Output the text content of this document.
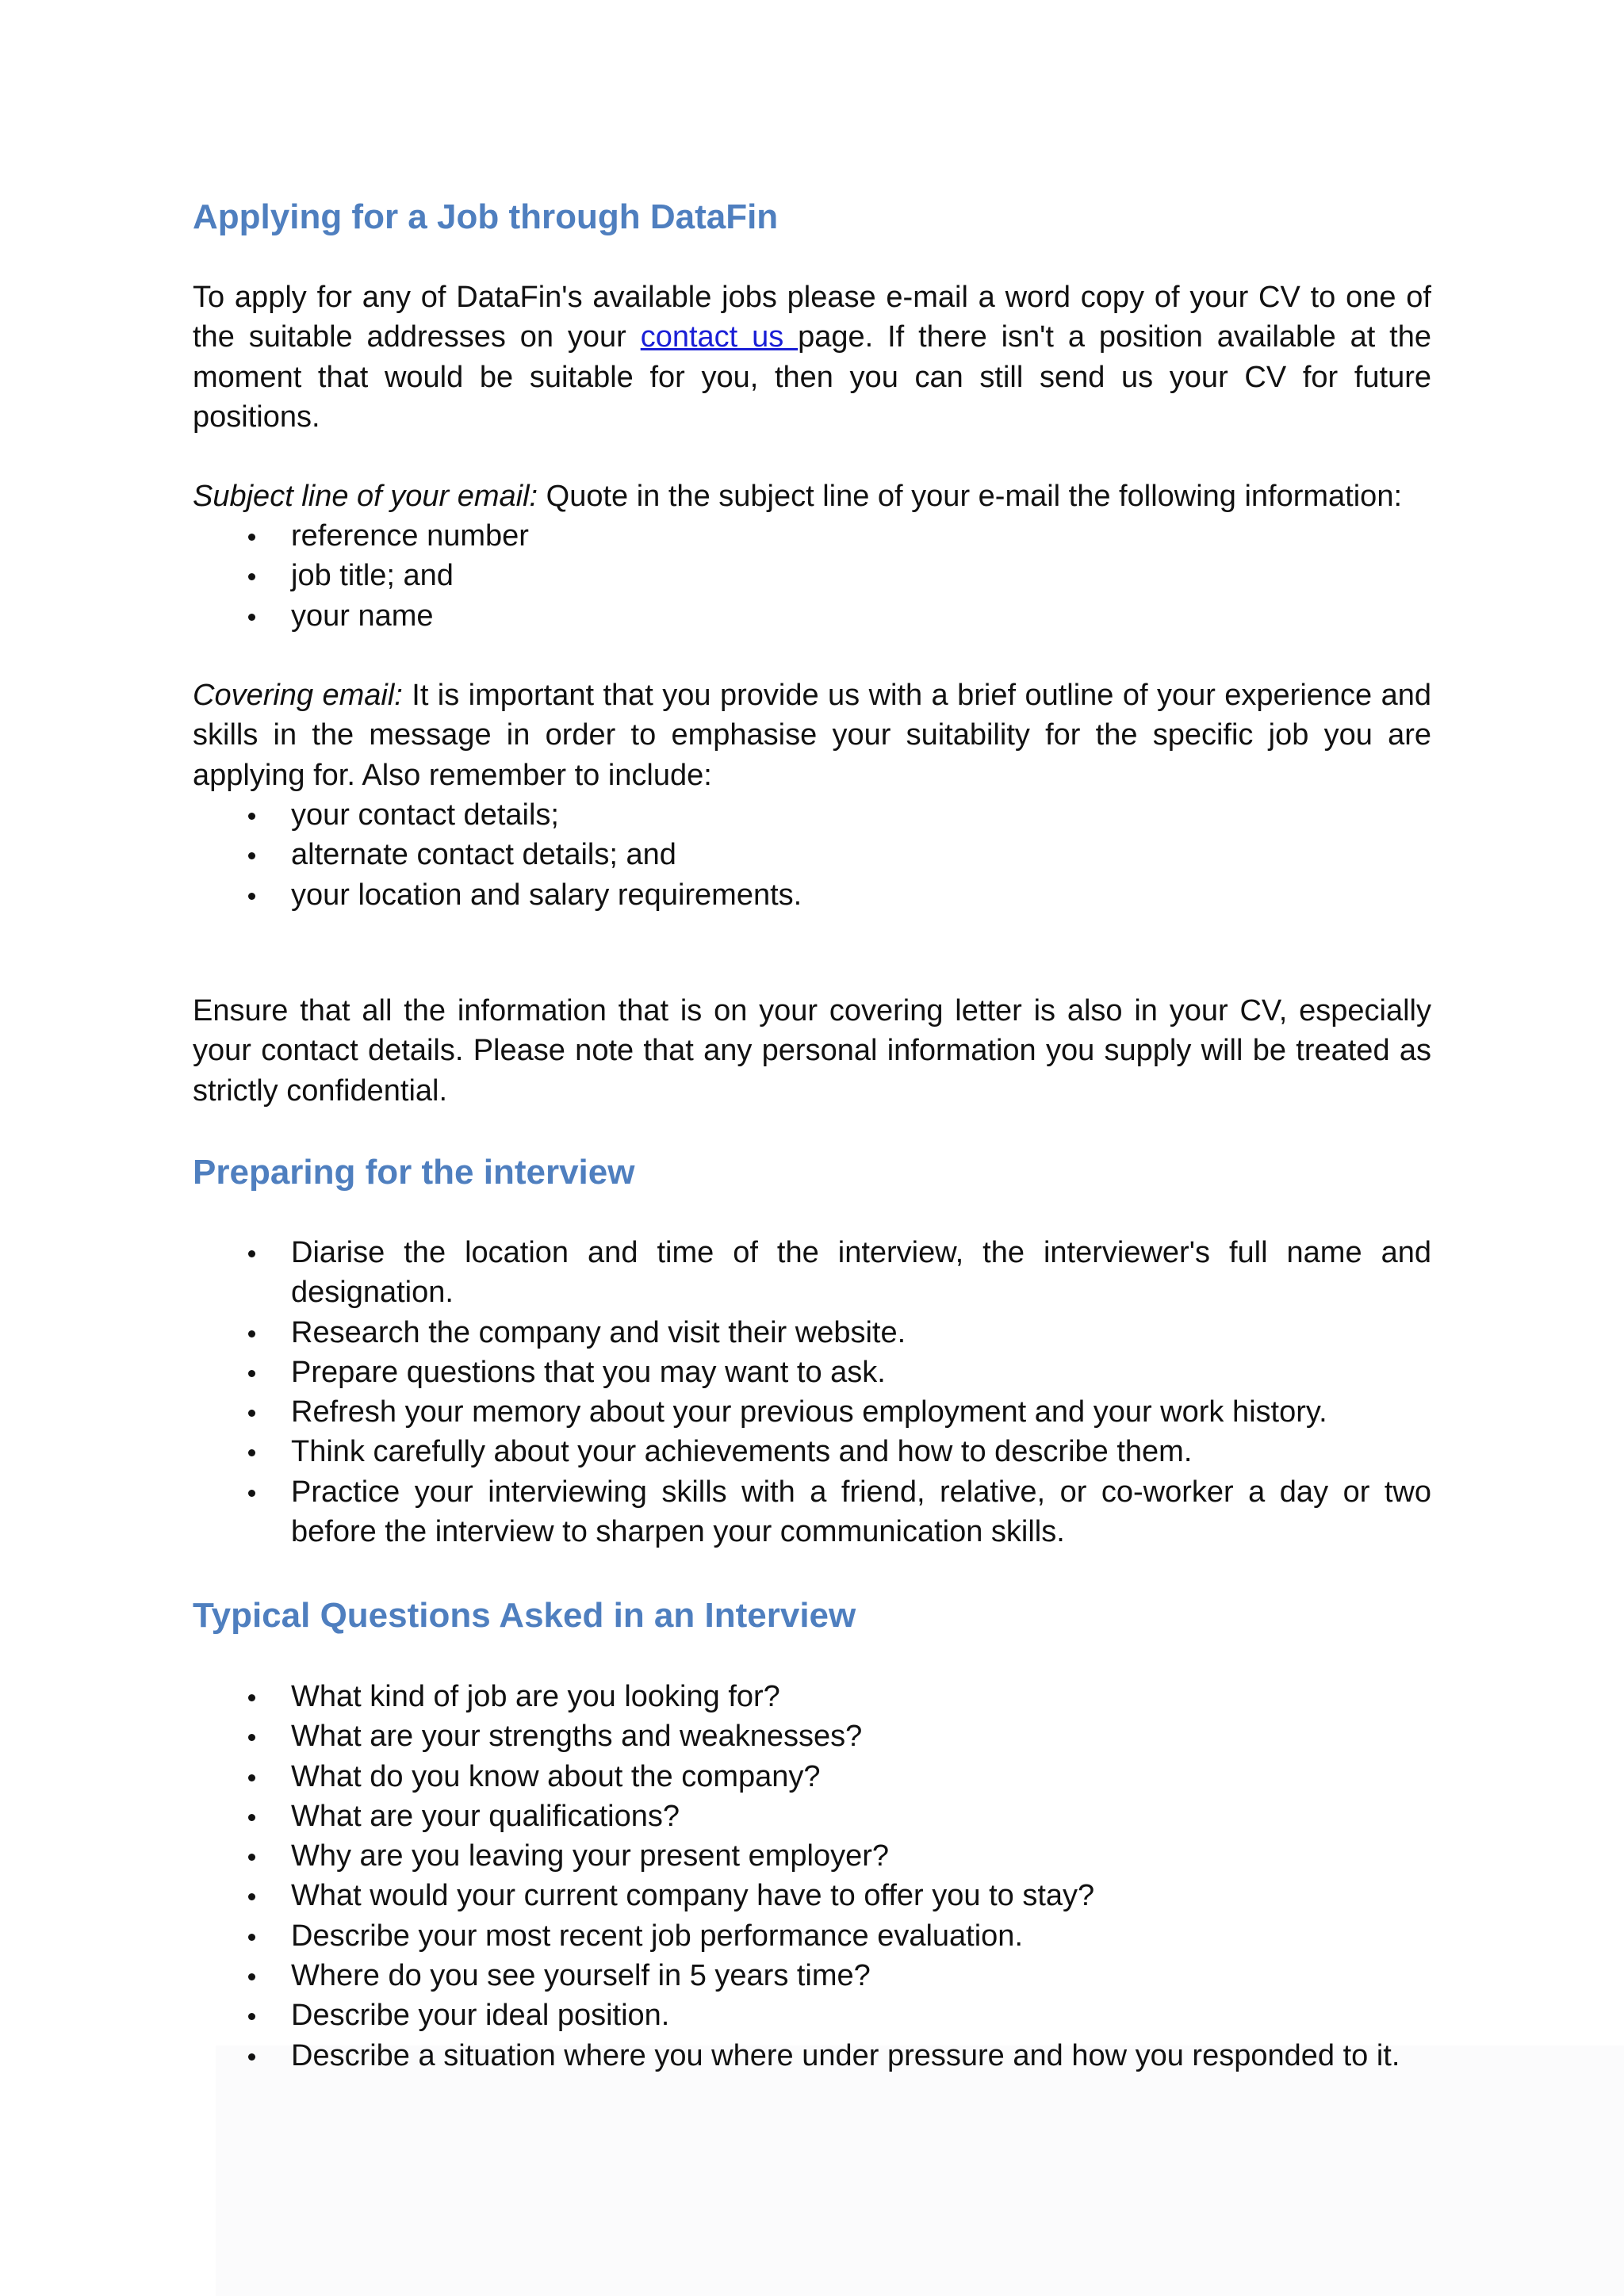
Applying for a Job through DataFin

To apply for any of DataFin's available jobs please e-mail a word copy of your CV to one of the suitable addresses on your contact us page. If there isn't a position available at the moment that would be suitable for you, then you can still send us your CV for future positions.

Subject line of your email: Quote in the subject line of your e-mail the following information:

reference number
job title; and
your name

Covering email: It is important that you provide us with a brief outline of your experience and skills in the message in order to emphasise your suitability for the specific job you are applying for. Also remember to include:

your contact details;
alternate contact details; and
your location and salary requirements.

Ensure that all the information that is on your covering letter is also in your CV, especially your contact details. Please note that any personal information you supply will be treated as strictly confidential.

Preparing for the interview
Diarise the location and time of the interview, the interviewer's full name and designation.
Research the company and visit their website.
Prepare questions that you may want to ask.
Refresh your memory about your previous employment and your work history.
Think carefully about your achievements and how to describe them.
Practice your interviewing skills with a friend, relative, or co-worker a day or two before the interview to sharpen your communication skills.
Typical Questions Asked in an Interview
What kind of job are you looking for?
What are your strengths and weaknesses?
What do you know about the company?
What are your qualifications?
Why are you leaving your present employer?
What would your current company have to offer you to stay?
Describe your most recent job performance evaluation.
Where do you see yourself in 5 years time?
Describe your ideal position.
Describe a situation where you where under pressure and how you responded to it.
